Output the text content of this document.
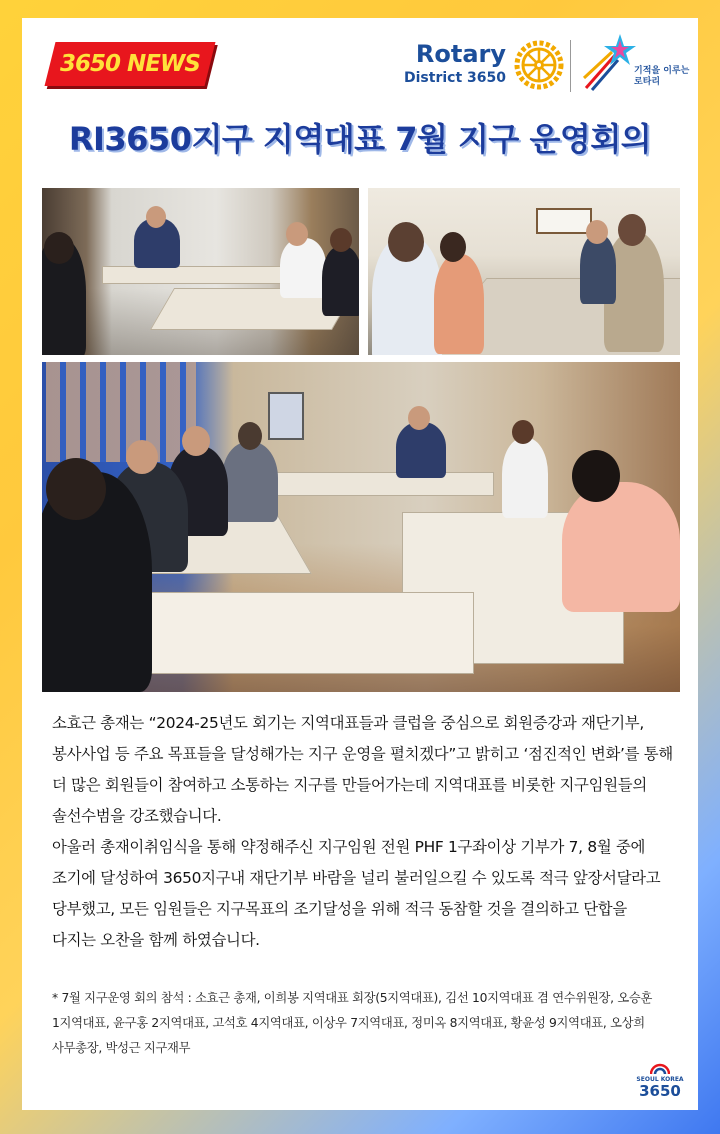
3650 NEWS	Rotary
District 3650	기적을 이루는
로타리
RI3650지구 지역대표 7월 지구 운영회의

소효근 총재는 “2024-25년도 회기는 지역대표들과 클럽을 중심으로 회원증강과 재단기부, 봉사사업 등 주요 목표들을 달성해가는 지구 운영을 펼치겠다”고 밝히고 ‘점진적인 변화’를 통해 더 많은 회원들이 참여하고 소통하는 지구를 만들어가는데 지역대표를 비롯한 지구임원들의 솔선수범을 강조했습니다.

아울러 총재이취임식을 통해 약정해주신 지구임원 전원 PHF 1구좌이상 기부가 7, 8월 중에 조기에 달성하여 3650지구내 재단기부 바람을 널리 불러일으킬 수 있도록 적극 앞장서달라고 당부했고, 모든 임원들은 지구목표의 조기달성을 위해 적극 동참할 것을 결의하고 단합을 다지는 오찬을 함께 하였습니다.

* 7월 지구운영 회의 참석 : 소효근 총재, 이희봉 지역대표 회장(5지역대표), 김선 10지역대표 겸 연수위원장, 오승훈 1지역대표, 윤구홍 2지역대표, 고석호 4지역대표, 이상우 7지역대표, 정미옥 8지역대표, 황윤성 9지역대표, 오상희 사무총장, 박성근 지구재무
SEOUL KOREA
3650
